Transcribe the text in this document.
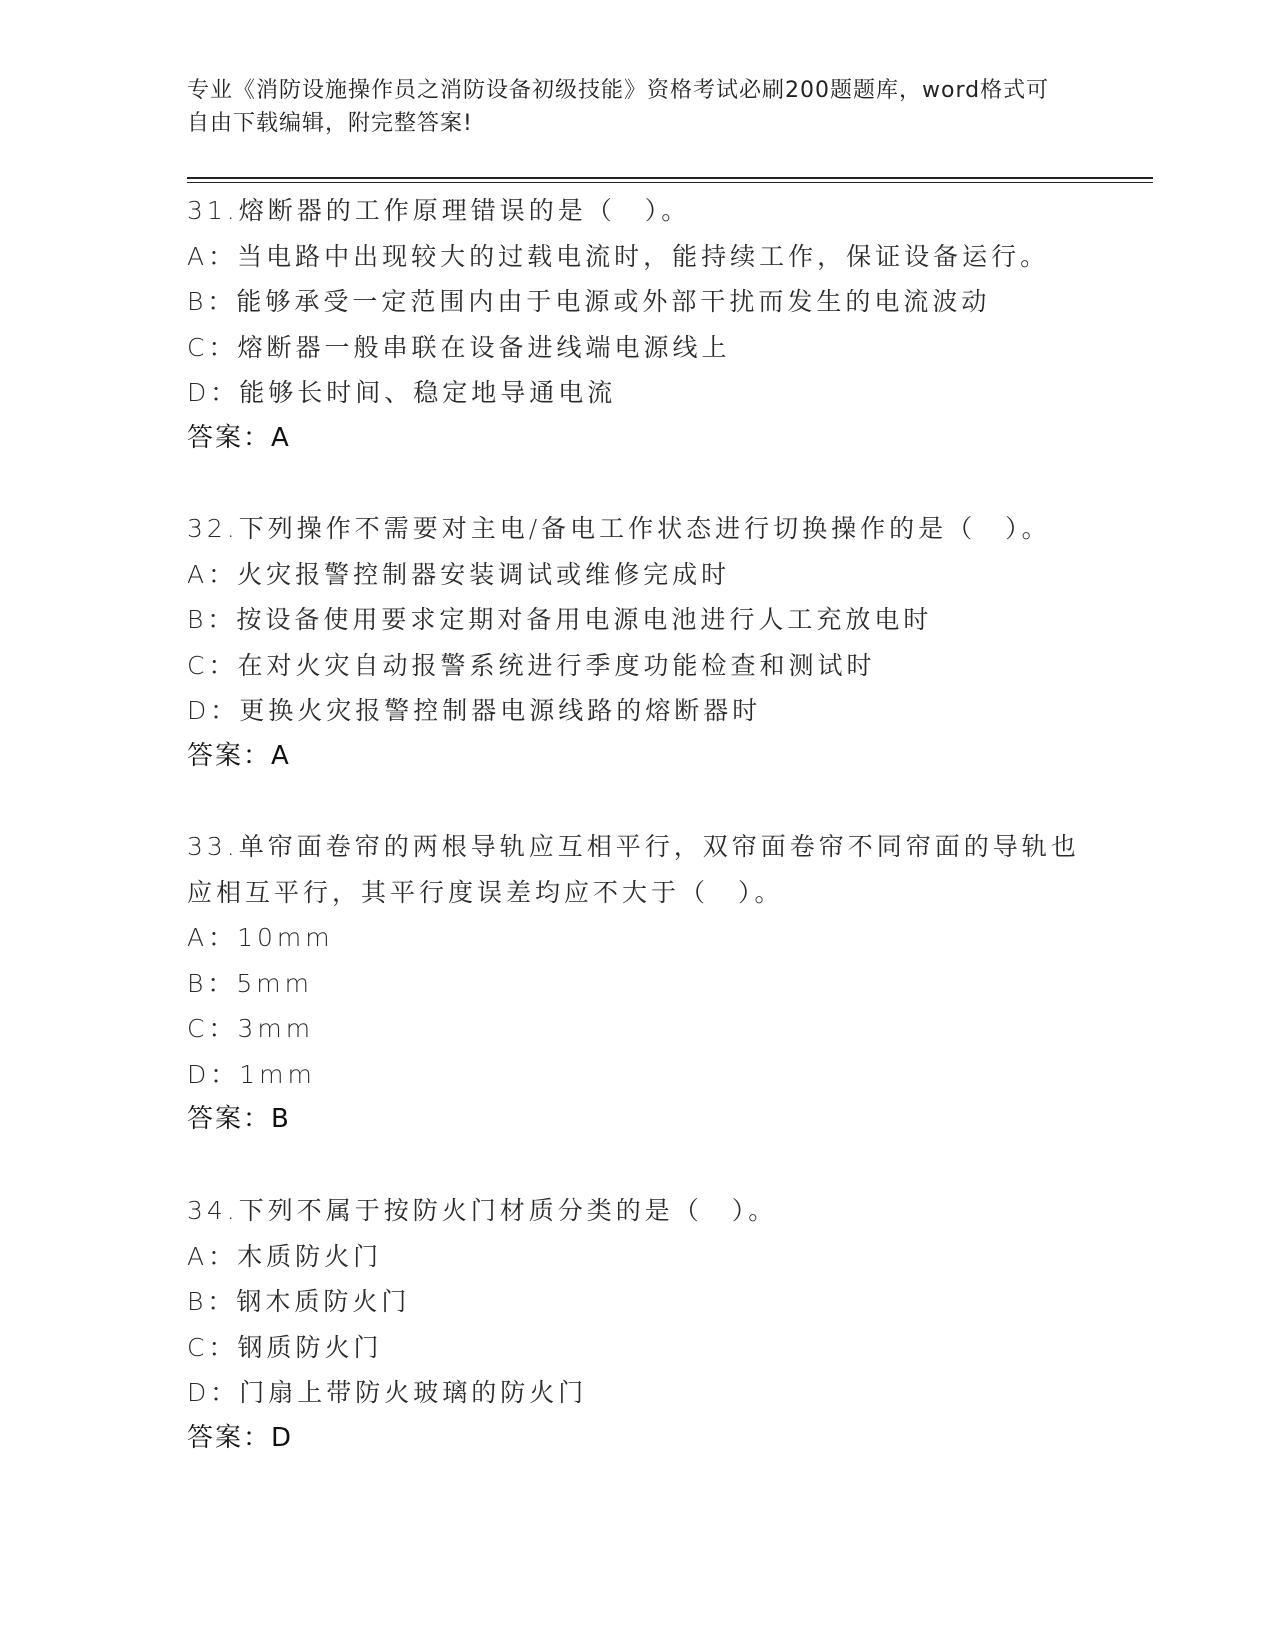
专业《消防设施操作员之消防设备初级技能》资格考试必刷200题题库，word格式可自由下载编辑，附完整答案!

31.熔断器的工作原理错误的是（　）。

A：当电路中出现较大的过载电流时，能持续工作，保证设备运行。

B：能够承受一定范围内由于电源或外部干扰而发生的电流波动

C：熔断器一般串联在设备进线端电源线上

D：能够长时间、稳定地导通电流

答案：A

32.下列操作不需要对主电/备电工作状态进行切换操作的是（　）。

A：火灾报警控制器安装调试或维修完成时

B：按设备使用要求定期对备用电源电池进行人工充放电时

C：在对火灾自动报警系统进行季度功能检查和测试时

D：更换火灾报警控制器电源线路的熔断器时

答案：A

33.单帘面卷帘的两根导轨应互相平行，双帘面卷帘不同帘面的导轨也

应相互平行，其平行度误差均应不大于（　）。

A：10mm

B：5mm

C：3mm

D：1mm

答案：B

34.下列不属于按防火门材质分类的是（　）。

A：木质防火门

B：钢木质防火门

C：钢质防火门

D：门扇上带防火玻璃的防火门

答案：D
